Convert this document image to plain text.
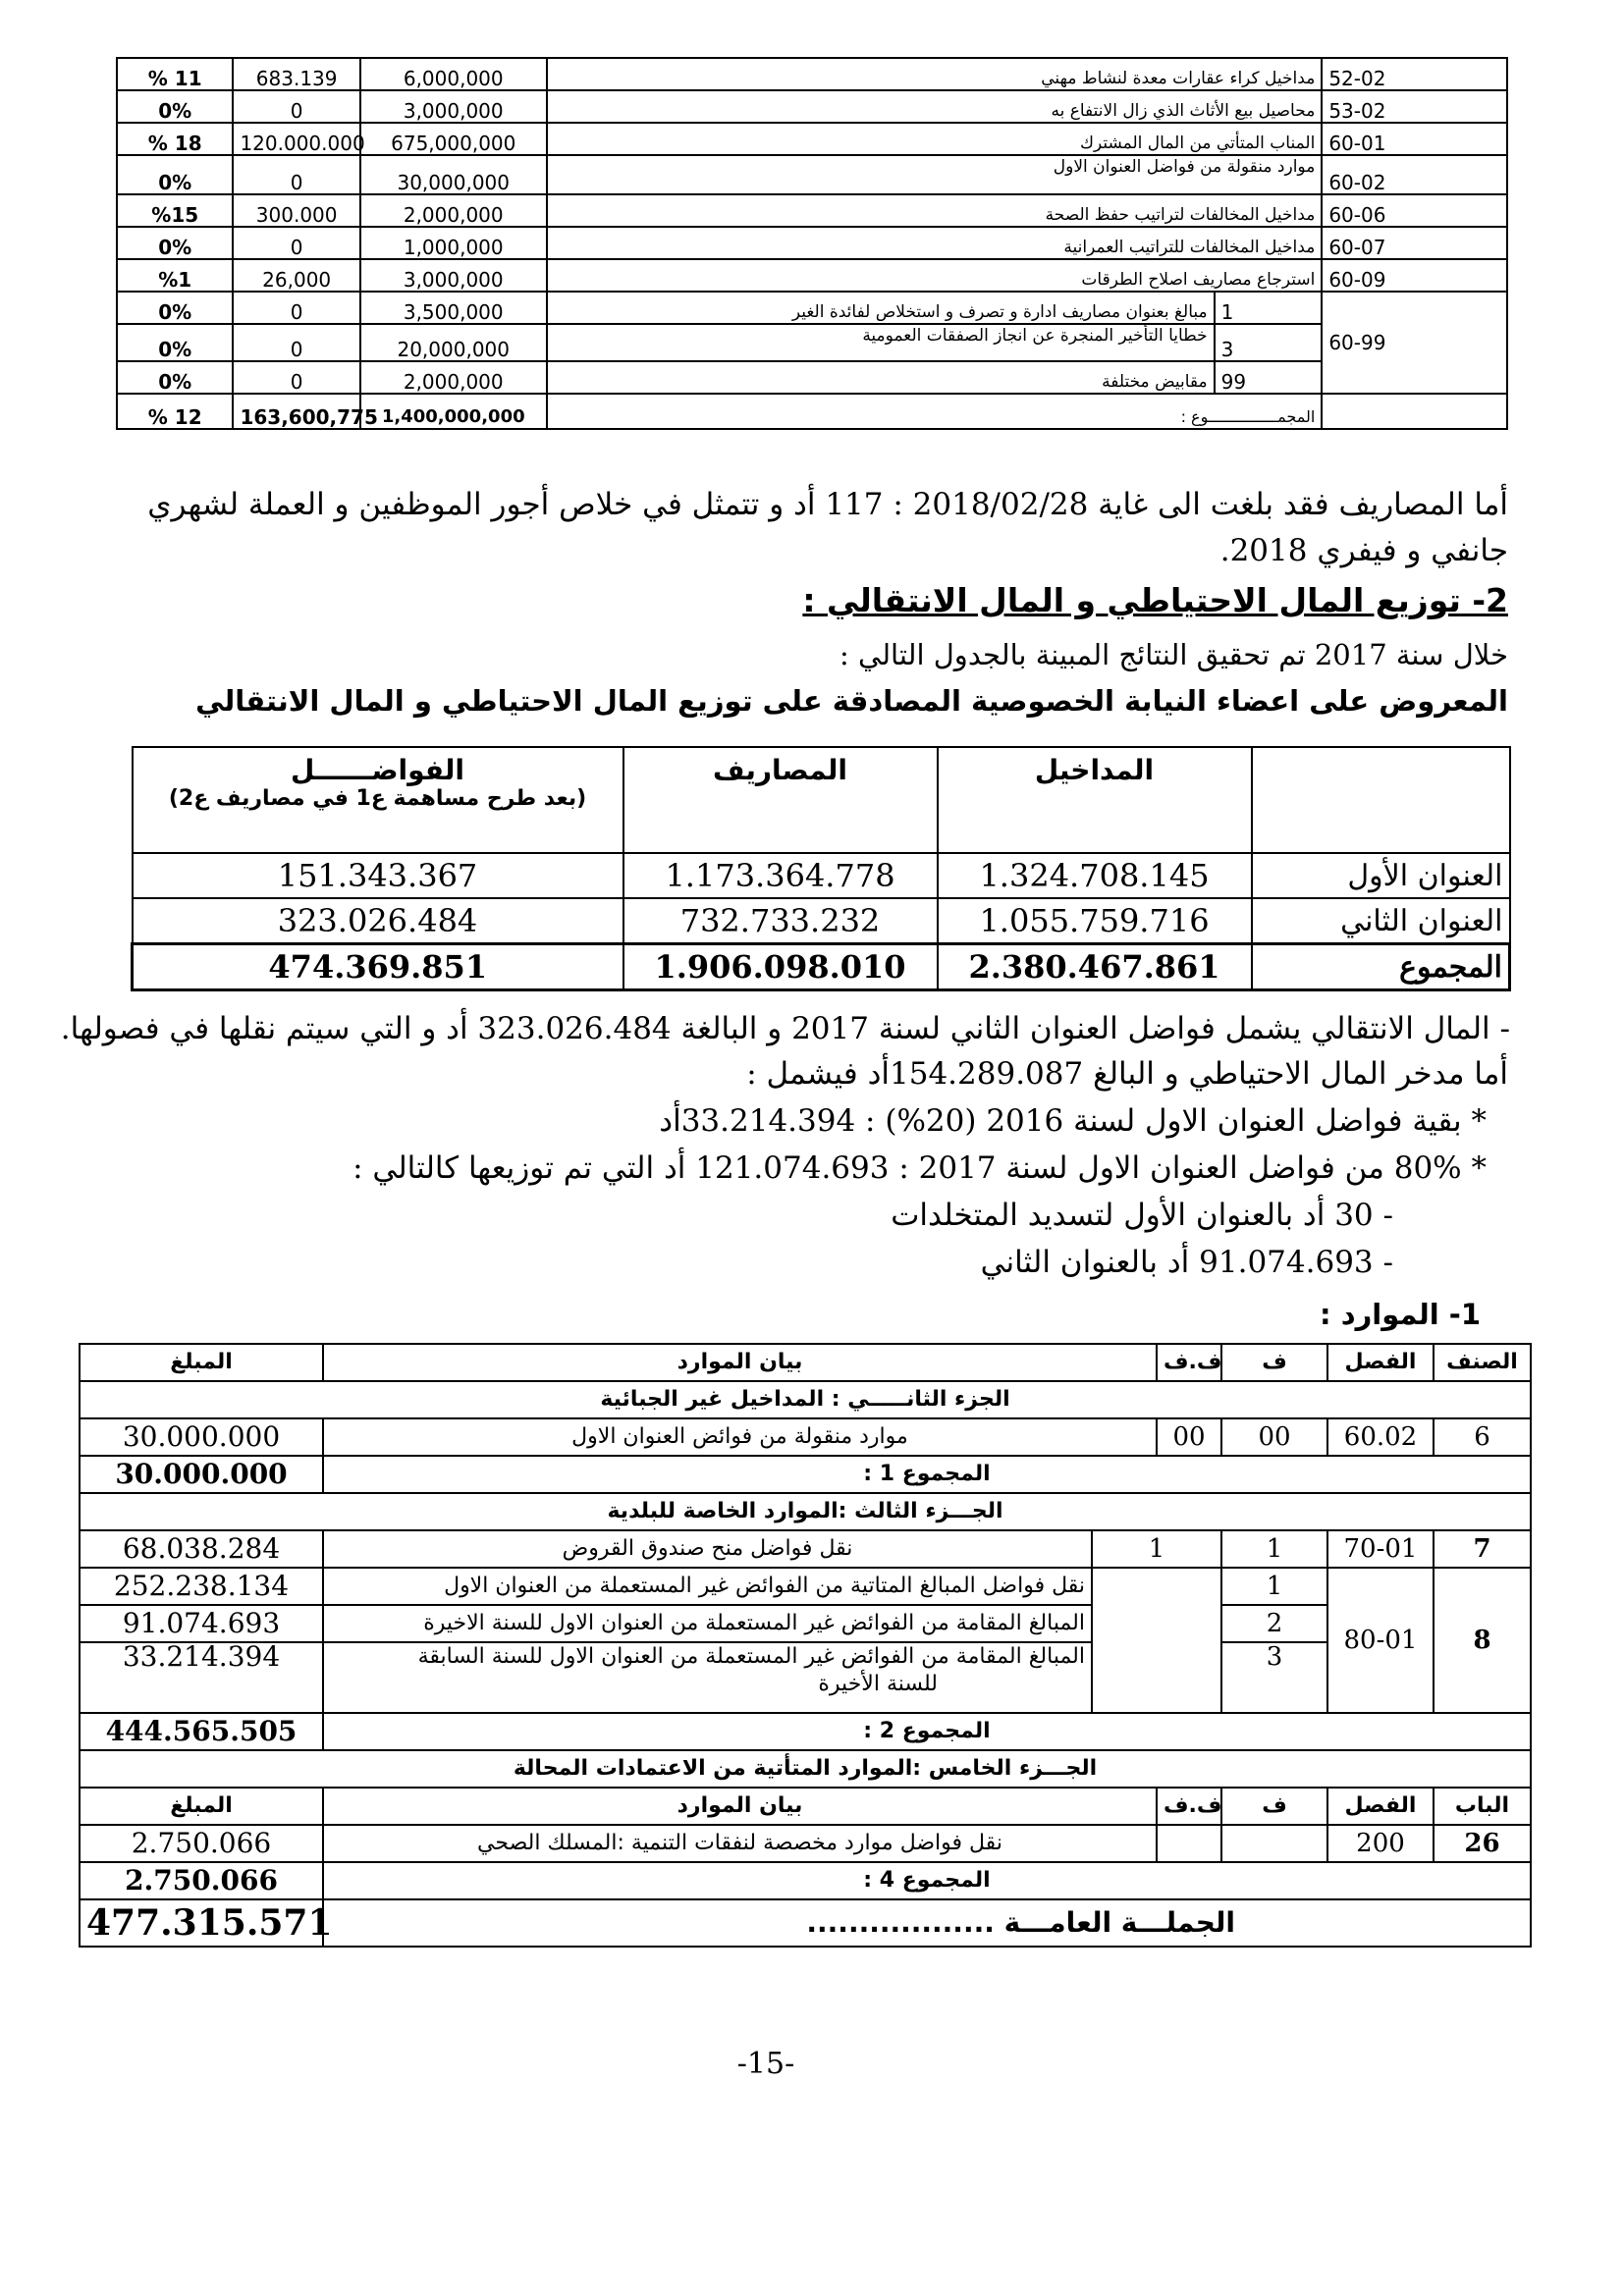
% 11	683.139	6,000,000	مداخيل كراء عقارات معدة لنشاط مهني		52-02
0%	0	3,000,000	محاصيل بيع الأثاث الذي زال الانتفاع به		53-02
% 18	120.000.000	675,000,000	المناب المتأتي من المال المشترك		60-01
0%	0	30,000,000	موارد منقولة من فواضل العنوان الاول		60-02
%15	300.000	2,000,000	مداخيل المخالفات لتراتيب حفظ الصحة		60-06
0%	0	1,000,000	مداخيل المخالفات للتراتيب العمرانية		60-07
%1	26,000	3,000,000	استرجاع مصاريف اصلاح الطرقات		60-09
0%	0	3,500,000	مبالغ بعنوان مصاريف ادارة و تصرف و استخلاص لفائدة الغير	1	60-99
0%	0	20,000,000	خطايا التأخير المنجرة عن انجاز الصفقات العمومية	3	
0%	0	2,000,000	مقابيض مختلفة	99	
% 12	163,600,775	1,400,000,000	المجمـــــــــــــــوع :		
أما المصاريف فقد بلغت الى غاية 2018/02/28 : 117 أد و تتمثل في خلاص أجور الموظفين و العملة لشهري
جانفي و فيفري 2018.
2- توزيع المال الاحتياطي و المال الانتقالي :
خلال سنة 2017 تم تحقيق النتائج المبينة بالجدول التالي :
المعروض على اعضاء النيابة الخصوصية المصادقة على توزيع المال الاحتياطي و المال الانتقالي
الفواضــــــل
(بعد طرح مساهمة ع1 في مصاريف ع2)	المصاريف	المداخيل	
151.343.367	1.173.364.778	1.324.708.145	العنوان الأول
323.026.484	732.733.232	1.055.759.716	العنوان الثاني
474.369.851	1.906.098.010	2.380.467.861	المجموع
- المال الانتقالي يشمل فواضل العنوان الثاني لسنة 2017 و البالغة 323.026.484 أد و التي سيتم نقلها في فصولها.
أما مدخر المال الاحتياطي و البالغ 154.289.087أد فيشمل :
* بقية فواضل العنوان الاول لسنة 2016 (20%) : 33.214.394أد
* 80% من فواضل العنوان الاول لسنة 2017 : 121.074.693 أد التي تم توزيعها كالتالي :
- 30 أد بالعنوان الأول لتسديد المتخلدات
- 91.074.693 أد بالعنوان الثاني
1- الموارد :
المبلغ	بيان الموارد		ف.ف	ف	الفصل	الصنف
الجزء الثانـــــي : المداخيل غير الجبائية						
30.000.000	موارد منقولة من فوائض العنوان الاول		00	00	60.02	6
30.000.000	المجموع 1 :					
الجـــزء الثالث :الموارد الخاصة للبلدية						
68.038.284	نقل فواضل منح صندوق القروض	1		1	70-01	7
252.238.134	نقل فواضل المبالغ المتاتية من الفوائض غير المستعملة من العنوان الاول			1	80-01	8
91.074.693	المبالغ المقامة من الفوائض غير المستعملة من العنوان الاول للسنة الاخيرة			2		
33.214.394	المبالغ المقامة من الفوائض غير المستعملة من العنوان الاول للسنة السابقة
للسنة الأخيرة			3		
444.565.505	المجموع 2 :					
الجـــزء الخامس :الموارد المتأتية من الاعتمادات المحالة						
المبلغ	بيان الموارد		ف.ف	ف	الفصل	الباب
2.750.066	نقل فواضل موارد مخصصة لنفقات التنمية :المسلك الصحي				200	26
2.750.066	المجموع 4 :					
477.315.571	الجملـــة العامـــة ..................					
-15-
